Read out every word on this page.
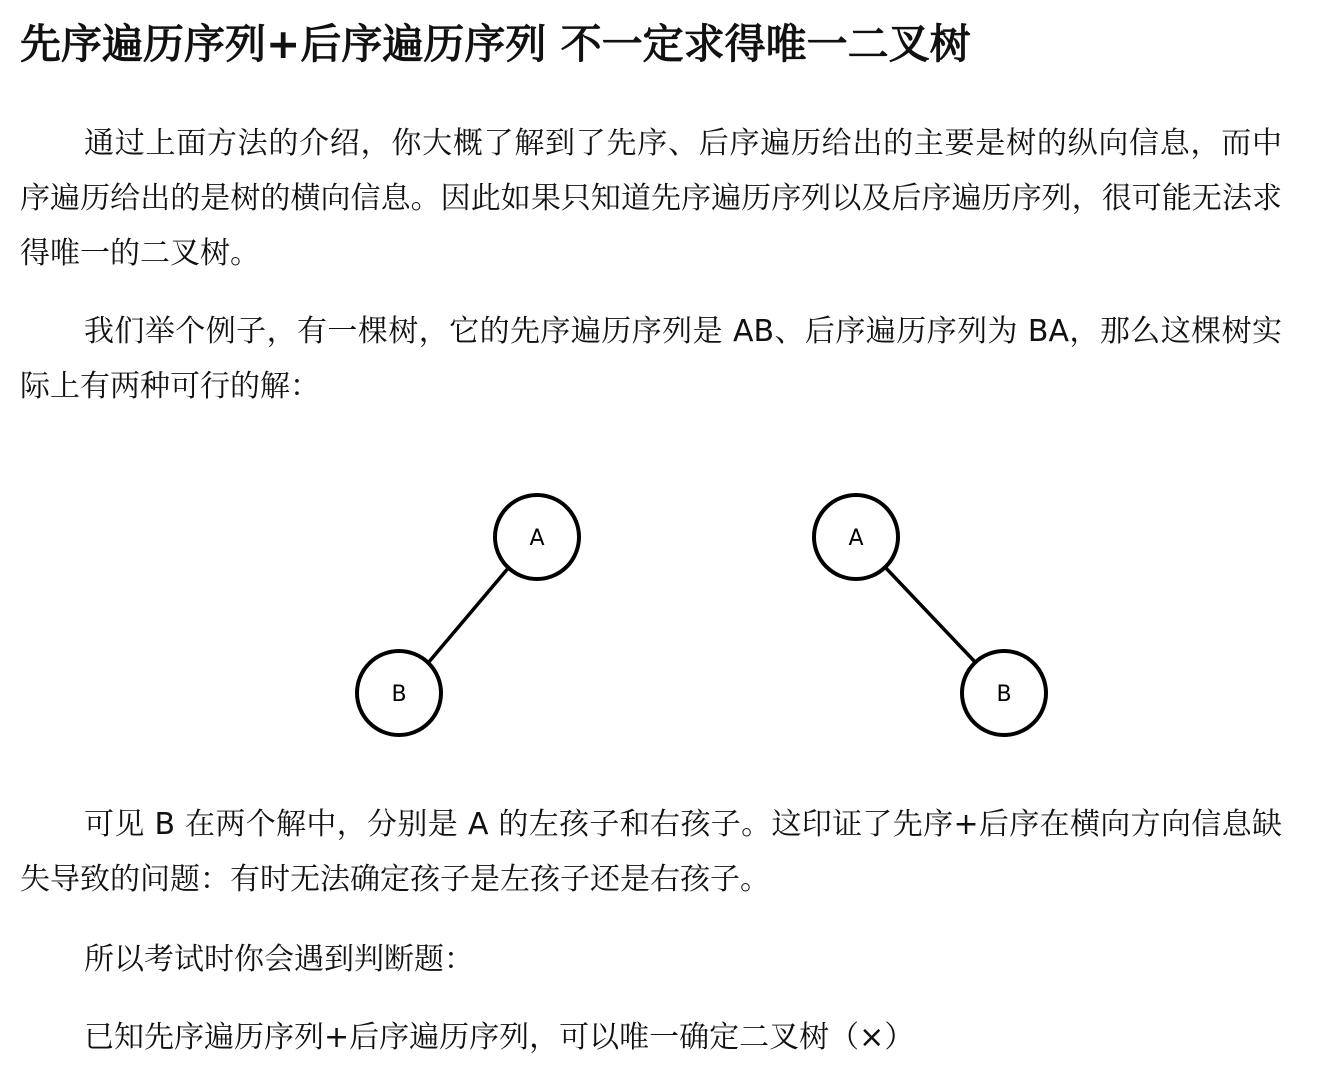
先序遍历序列+后序遍历序列 不一定求得唯一二叉树

通过上面方法的介绍，你大概了解到了先序、后序遍历给出的主要是树的纵向信息，而中序遍历给出的是树的横向信息。因此如果只知道先序遍历序列以及后序遍历序列，很可能无法求得唯一的二叉树。

我们举个例子，有一棵树，它的先序遍历序列是 AB、后序遍历序列为 BA，那么这棵树实际上有两种可行的解：

A
B
A
B

可见 B 在两个解中，分别是 A 的左孩子和右孩子。这印证了先序+后序在横向方向信息缺失导致的问题：有时无法确定孩子是左孩子还是右孩子。

所以考试时你会遇到判断题：

已知先序遍历序列+后序遍历序列，可以唯一确定二叉树（×）
